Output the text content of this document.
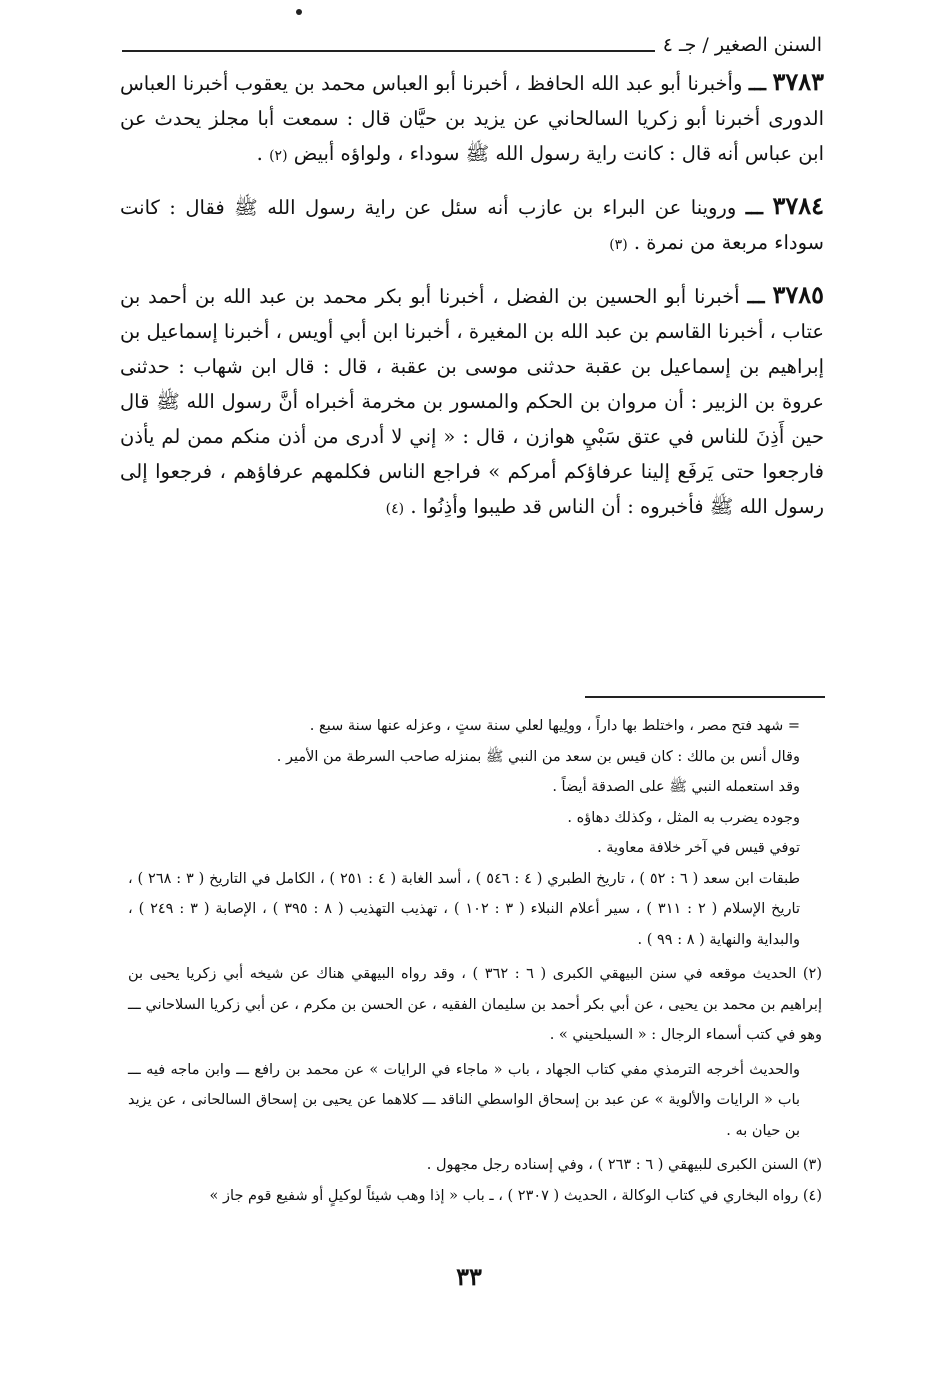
السنن الصغير / جـ ٤

٣٧٨٣ ـــ وأخبرنا أبو عبد الله الحافظ ، أخبرنا أبو العباس محمد بن يعقوب أخبرنا العباس الدورى أخبرنا أبو زكريا السالحاني عن يزيد بن حيَّان قال : سمعت أبا مجلز يحدث عن ابن عباس أنه قال : كانت راية رسول الله ﷺ سوداء ، ولواؤه أبيض (٢) .

٣٧٨٤ ـــ وروينا عن البراء بن عازب أنه سئل عن راية رسول الله ﷺ فقال : كانت سوداء مربعة من نمرة . (٣)

٣٧٨٥ ـــ أخبرنا أبو الحسين بن الفضل ، أخبرنا أبو بكر محمد بن عبد الله بن أحمد بن عتاب ، أخبرنا القاسم بن عبد الله بن المغيرة ، أخبرنا ابن أبي أويس ، أخبرنا إسماعيل بن إبراهيم بن إسماعيل بن عقبة حدثنى موسى بن عقبة ، قال : قال ابن شهاب : حدثنى عروة بن الزبير : أن مروان بن الحكم والمسور بن مخرمة أخبراه أنَّ رسول الله ﷺ قال حين أَذِنَ للناس في عتق سَبْيِ هوازن ، قال : « إني لا أدرى من أذن منكم ممن لم يأذن فارجعوا حتى يَرفَع إلينا عرفاؤكم أمركم » فراجع الناس فكلمهم عرفاؤهم ، فرجعوا إلى رسول الله ﷺ فأخبروه : أن الناس قد طيبوا وأذِنُوا . (٤)

= شهد فتح مصر ، واختلط بها داراً ، وولِيها لعلي سنة ستٍ ، وعزله عنها سنة سبع .

وقال أنس بن مالك : كان قيس بن سعد من النبي ﷺ بمنزله صاحب السرطة من الأمير .

وقد استعمله النبي ﷺ على الصدقة أيضاً .

وجوده يضرب به المثل ، وكذلك دهاؤه .

توفي قيس في آخر خلافة معاوية .

طبقات ابن سعد ( ٦ : ٥٢ ) ، تاريخ الطبري ( ٤ : ٥٤٦ ) ، أسد الغابة ( ٤ : ٢٥١ ) ، الكامل في التاريخ ( ٣ : ٢٦٨ ) ، تاريخ الإسلام ( ٢ : ٣١١ ) ، سير أعلام النبلاء ( ٣ : ١٠٢ ) ، تهذيب التهذيب ( ٨ : ٣٩٥ ) ، الإصابة ( ٣ : ٢٤٩ ) ، والبداية والنهاية ( ٨ : ٩٩ ) .

(٢) الحديث موقعه في سنن البيهقي الكبرى ( ٦ : ٣٦٢ ) ، وقد رواه البيهقي هناك عن شيخه أبي زكريا يحيى بن إبراهيم بن محمد بن يحيى ، عن أبي بكر أحمد بن سليمان الفقيه ، عن الحسن بن مكرم ، عن أبي زكريا السلاحاني ـــ وهو في كتب أسماء الرجال : « السيلحيني » .

والحديث أخرجه الترمذي مفي كتاب الجهاد ، باب « ماجاء في الرايات » عن محمد بن رافع ـــ وابن ماجه فيه ـــ باب « الرايات والألوية » عن عبد بن إسحاق الواسطي الناقد ـــ كلاهما عن يحيى بن إسحاق السالحانى ، عن يزيد بن حيان به .

(٣) السنن الكبرى للبيهقي ( ٦ : ٢٦٣ ) ، وفي إسناده رجل مجهول .

(٤) رواه البخاري في كتاب الوكالة ، الحديث ( ٢٣٠٧ ) ، ـ باب « إذا وهب شيئاً لوكيلٍ أو شفيع قوم جاز »

٣٣
